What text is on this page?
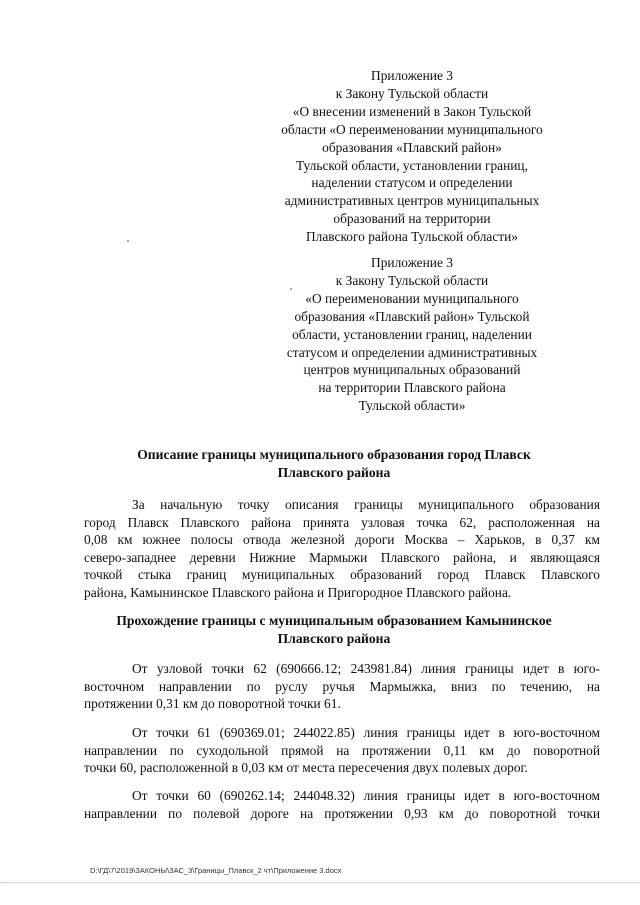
Приложение 3
к Закону Тульской области
«О внесении изменений в Закон Тульской
области «О переименовании муниципального
образования «Плавский район»
Тульской области, установлении границ,
наделении статусом и определении
административных центров муниципальных
образований на территории
Плавского района Тульской области»
Приложение 3
к Закону Тульской области
«О переименовании муниципального
образования «Плавский район» Тульской
области, установлении границ, наделении
статусом и определении административных
центров муниципальных образований
на территории Плавского района
Тульской области»
Описание границы муниципального образования город Плавск
Плавского района
За начальную точку описания границы муниципального образования
город Плавск Плавского района принята узловая точка 62, расположенная на
0,08 км южнее полосы отвода железной дороги Москва – Харьков, в 0,37 км
северо-западнее деревни Нижние Мармыжи Плавского района, и являющаяся
точкой стыка границ муниципальных образований город Плавск Плавского
района, Камынинское Плавского района и Пригородное Плавского района.
Прохождение границы с муниципальным образованием Камынинское
Плавского района
От узловой точки 62 (690666.12; 243981.84) линия границы идет в юго-
восточном направлении по руслу ручья Мармыжка, вниз по течению, на
протяжении 0,31 км до поворотной точки 61.
От точки 61 (690369.01; 244022.85) линия границы идет в юго-восточном
направлении по суходольной прямой на протяжении 0,11 км до поворотной
точки 60, расположенной в 0,03 км от места пересечения двух полевых дорог.
От точки 60 (690262.14; 244048.32) линия границы идет в юго-восточном
направлении по полевой дороге на протяжении 0,93 км до поворотной точки
D:\ГД\7\2019\ЗАКОНЫ\ЗАС_3\Границы_Плавск_2 чт\Приложение 3.docx
